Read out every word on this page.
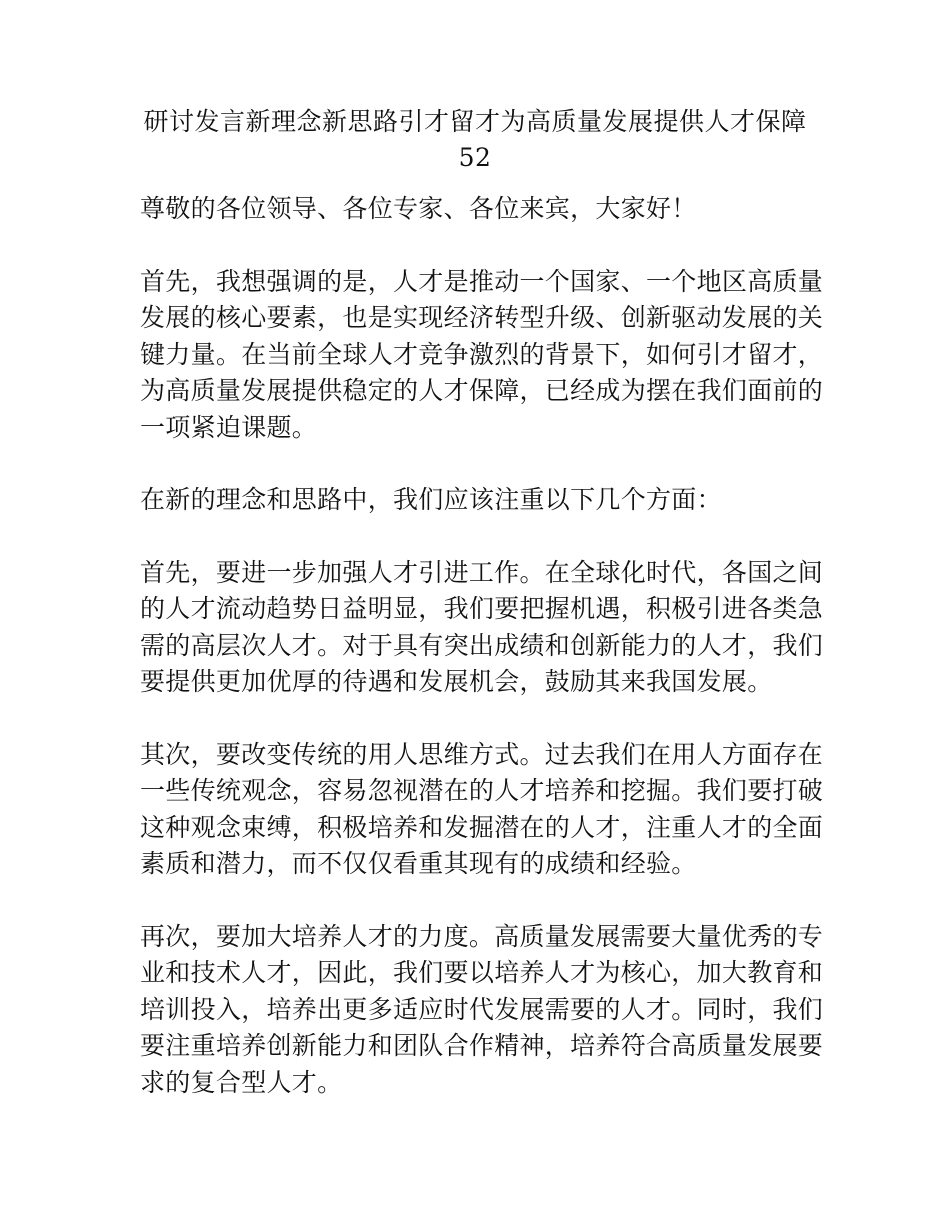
研讨发言新理念新思路引才留才为高质量发展提供人才保障
52

尊敬的各位领导、各位专家、各位来宾，大家好！

首先，我想强调的是，人才是推动一个国家、一个地区高质量
发展的核心要素，也是实现经济转型升级、创新驱动发展的关
键力量。在当前全球人才竞争激烈的背景下，如何引才留才，
为高质量发展提供稳定的人才保障，已经成为摆在我们面前的
一项紧迫课题。

在新的理念和思路中，我们应该注重以下几个方面：

首先，要进一步加强人才引进工作。在全球化时代，各国之间
的人才流动趋势日益明显，我们要把握机遇，积极引进各类急
需的高层次人才。对于具有突出成绩和创新能力的人才，我们
要提供更加优厚的待遇和发展机会，鼓励其来我国发展。

其次，要改变传统的用人思维方式。过去我们在用人方面存在
一些传统观念，容易忽视潜在的人才培养和挖掘。我们要打破
这种观念束缚，积极培养和发掘潜在的人才，注重人才的全面
素质和潜力，而不仅仅看重其现有的成绩和经验。

再次，要加大培养人才的力度。高质量发展需要大量优秀的专
业和技术人才，因此，我们要以培养人才为核心，加大教育和
培训投入，培养出更多适应时代发展需要的人才。同时，我们
要注重培养创新能力和团队合作精神，培养符合高质量发展要
求的复合型人才。
